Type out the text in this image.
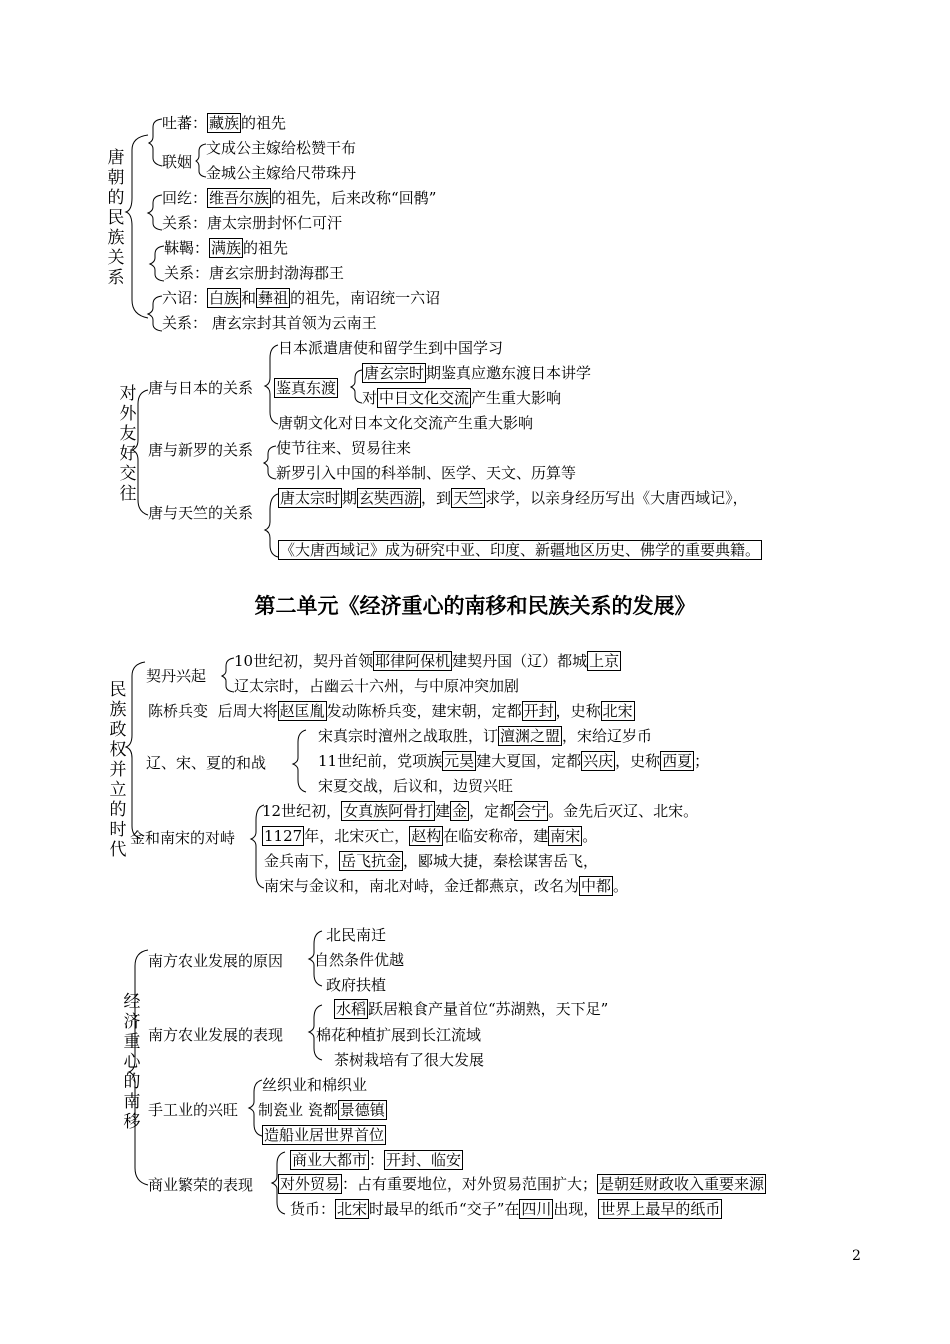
唐朝的民族关系
吐蕃： 藏族 的祖先
联姻
文成公主嫁给松赞干布
金城公主嫁给尺带珠丹
回纥： 维吾尔族 的祖先，后来改称“回鹘”
关系：唐太宗册封怀仁可汗
靺鞨： 满族 的祖先
关系：唐玄宗册封渤海郡王
六诏： 白族 和 彝祖 的祖先，南诏统一六诏
关系： 唐玄宗封其首领为云南王
对外友好交往
唐与日本的关系
日本派遣唐使和留学生到中国学习
鉴真东渡
唐玄宗时 期鉴真应邀东渡日本讲学
对 中日文化交流 产生重大影响
唐朝文化对日本文化交流产生重大影响
唐与新罗的关系 使节往来、贸易往来
新罗引入中国的科举制、医学、天文、历算等
唐与天竺的关系
唐太宗时 期 玄奘西游 ，到 天竺 求学，以亲身经历写出《大唐西域记》，
《大唐西域记》成为研究中亚、印度、新疆地区历史、佛学的重要典籍。
第二单元《经济重心的南移和民族关系的发展》
民族政权并立的时代
契丹兴起
10世纪初，契丹首领 耶律阿保机 建契丹国（辽）都城 上京
辽太宗时，占幽云十六州，与中原冲突加剧
陈桥兵变 后周大将 赵匡胤 发动陈桥兵变，建宋朝，定都 开封 ，史称 北宋
辽、宋、夏的和战
宋真宗时澶州之战取胜，订 澶渊之盟 ，宋给辽岁币
11世纪前，党项族 元昊 建大夏国，定都 兴庆 ，史称 西夏 ；
宋夏交战，后议和，边贸兴旺
金和南宋的对峙
12世纪初， 女真族阿骨打 建 金 ，定都 会宁 。金先后灭辽、北宋。
1127 年，北宋灭亡， 赵构 在临安称帝，建 南宋 。
金兵南下， 岳飞抗金 ，郾城大捷，秦桧谋害岳飞，
南宋与金议和，南北对峙，金迁都燕京，改名为 中都 。
经济重心的南移
南方农业发展的原因
北民南迁
自然条件优越
政府扶植
南方农业发展的表现
水稻 跃居粮食产量首位“苏湖熟，天下足”
棉花种植扩展到长江流域
茶树栽培有了很大发展
手工业的兴旺
丝织业和棉织业
制瓷业 瓷都 景德镇
造船业居世界首位
商业繁荣的表现
商业大都市 ： 开封、临安
对外贸易 ：占有重要地位，对外贸易范围扩大； 是朝廷财政收入重要来源
货币： 北宋 时最早的纸币“交子”在 四川 出现， 世界上最早的纸币
2
